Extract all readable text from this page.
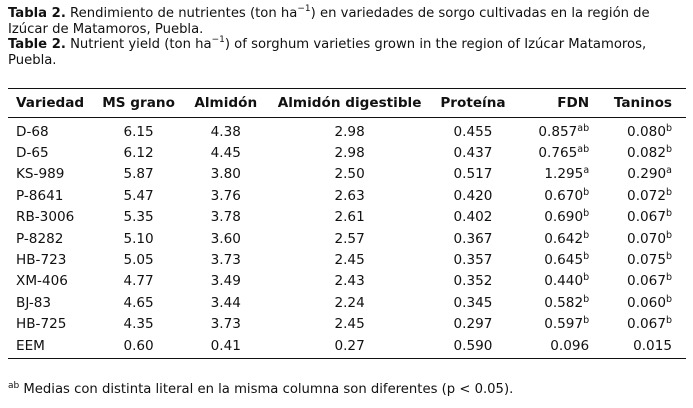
Tabla 2. Rendimiento de nutrientes (ton $ha^{-1}$) en variedades de sorgo cultivadas en la región de
Izúcar de Matamoros, Puebla.

Table 2. Nutrient yield (ton $ha^{-1}$) of sorghum varieties grown in the region of Izúcar Matamoros,
Puebla.

Variedad	MS grano	Almidón	Almidón digestible	Proteína	FDN	Taninos
D-68	6.15	4.38	2.98	0.455	0.857$^{ab}$	0.080$^b$
D-65	6.12	4.45	2.98	0.437	0.765$^{ab}$	0.082$^b$
KS-989	5.87	3.80	2.50	0.517	1.295$^a$	0.290$^a$
P-8641	5.47	3.76	2.63	0.420	0.670$^b$	0.072$^b$
RB-3006	5.35	3.78	2.61	0.402	0.690$^b$	0.067$^b$
P-8282	5.10	3.60	2.57	0.367	0.642$^b$	0.070$^b$
HB-723	5.05	3.73	2.45	0.357	0.645$^b$	0.075$^b$
XM-406	4.77	3.49	2.43	0.352	0.440$^b$	0.067$^b$
BJ-83	4.65	3.44	2.24	0.345	0.582$^b$	0.060$^b$
HB-725	4.35	3.73	2.45	0.297	0.597$^b$	0.067$^b$
EEM	0.60	0.41	0.27	0.590	0.096	0.015
$^{ab}$ Medias con distinta literal en la misma columna son diferentes (p < 0.05).
